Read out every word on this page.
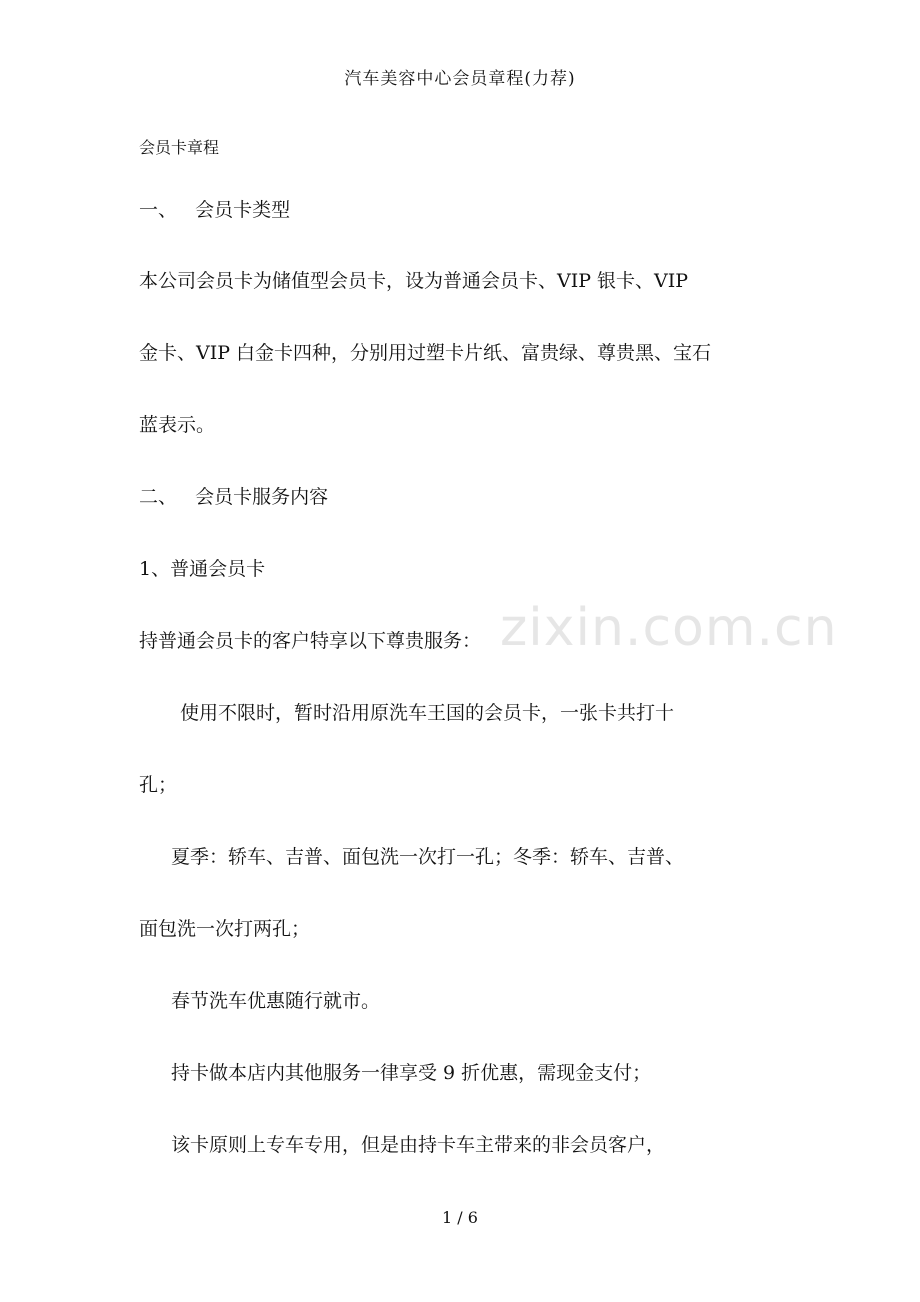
汽车美容中心会员章程(力荐)
会员卡章程
一、   会员卡类型
本公司会员卡为储值型会员卡，设为普通会员卡、VIP 银卡、VIP
金卡、VIP 白金卡四种，分别用过塑卡片纸、富贵绿、尊贵黑、宝石
蓝表示。
二、   会员卡服务内容
1、普通会员卡
zixin.com.cn
持普通会员卡的客户特享以下尊贵服务：
使用不限时，暂时沿用原洗车王国的会员卡，一张卡共打十
孔；
夏季：轿车、吉普、面包洗一次打一孔；冬季：轿车、吉普、
面包洗一次打两孔；
春节洗车优惠随行就市。
持卡做本店内其他服务一律享受 9 折优惠，需现金支付；
该卡原则上专车专用，但是由持卡车主带来的非会员客户，
1 / 6
